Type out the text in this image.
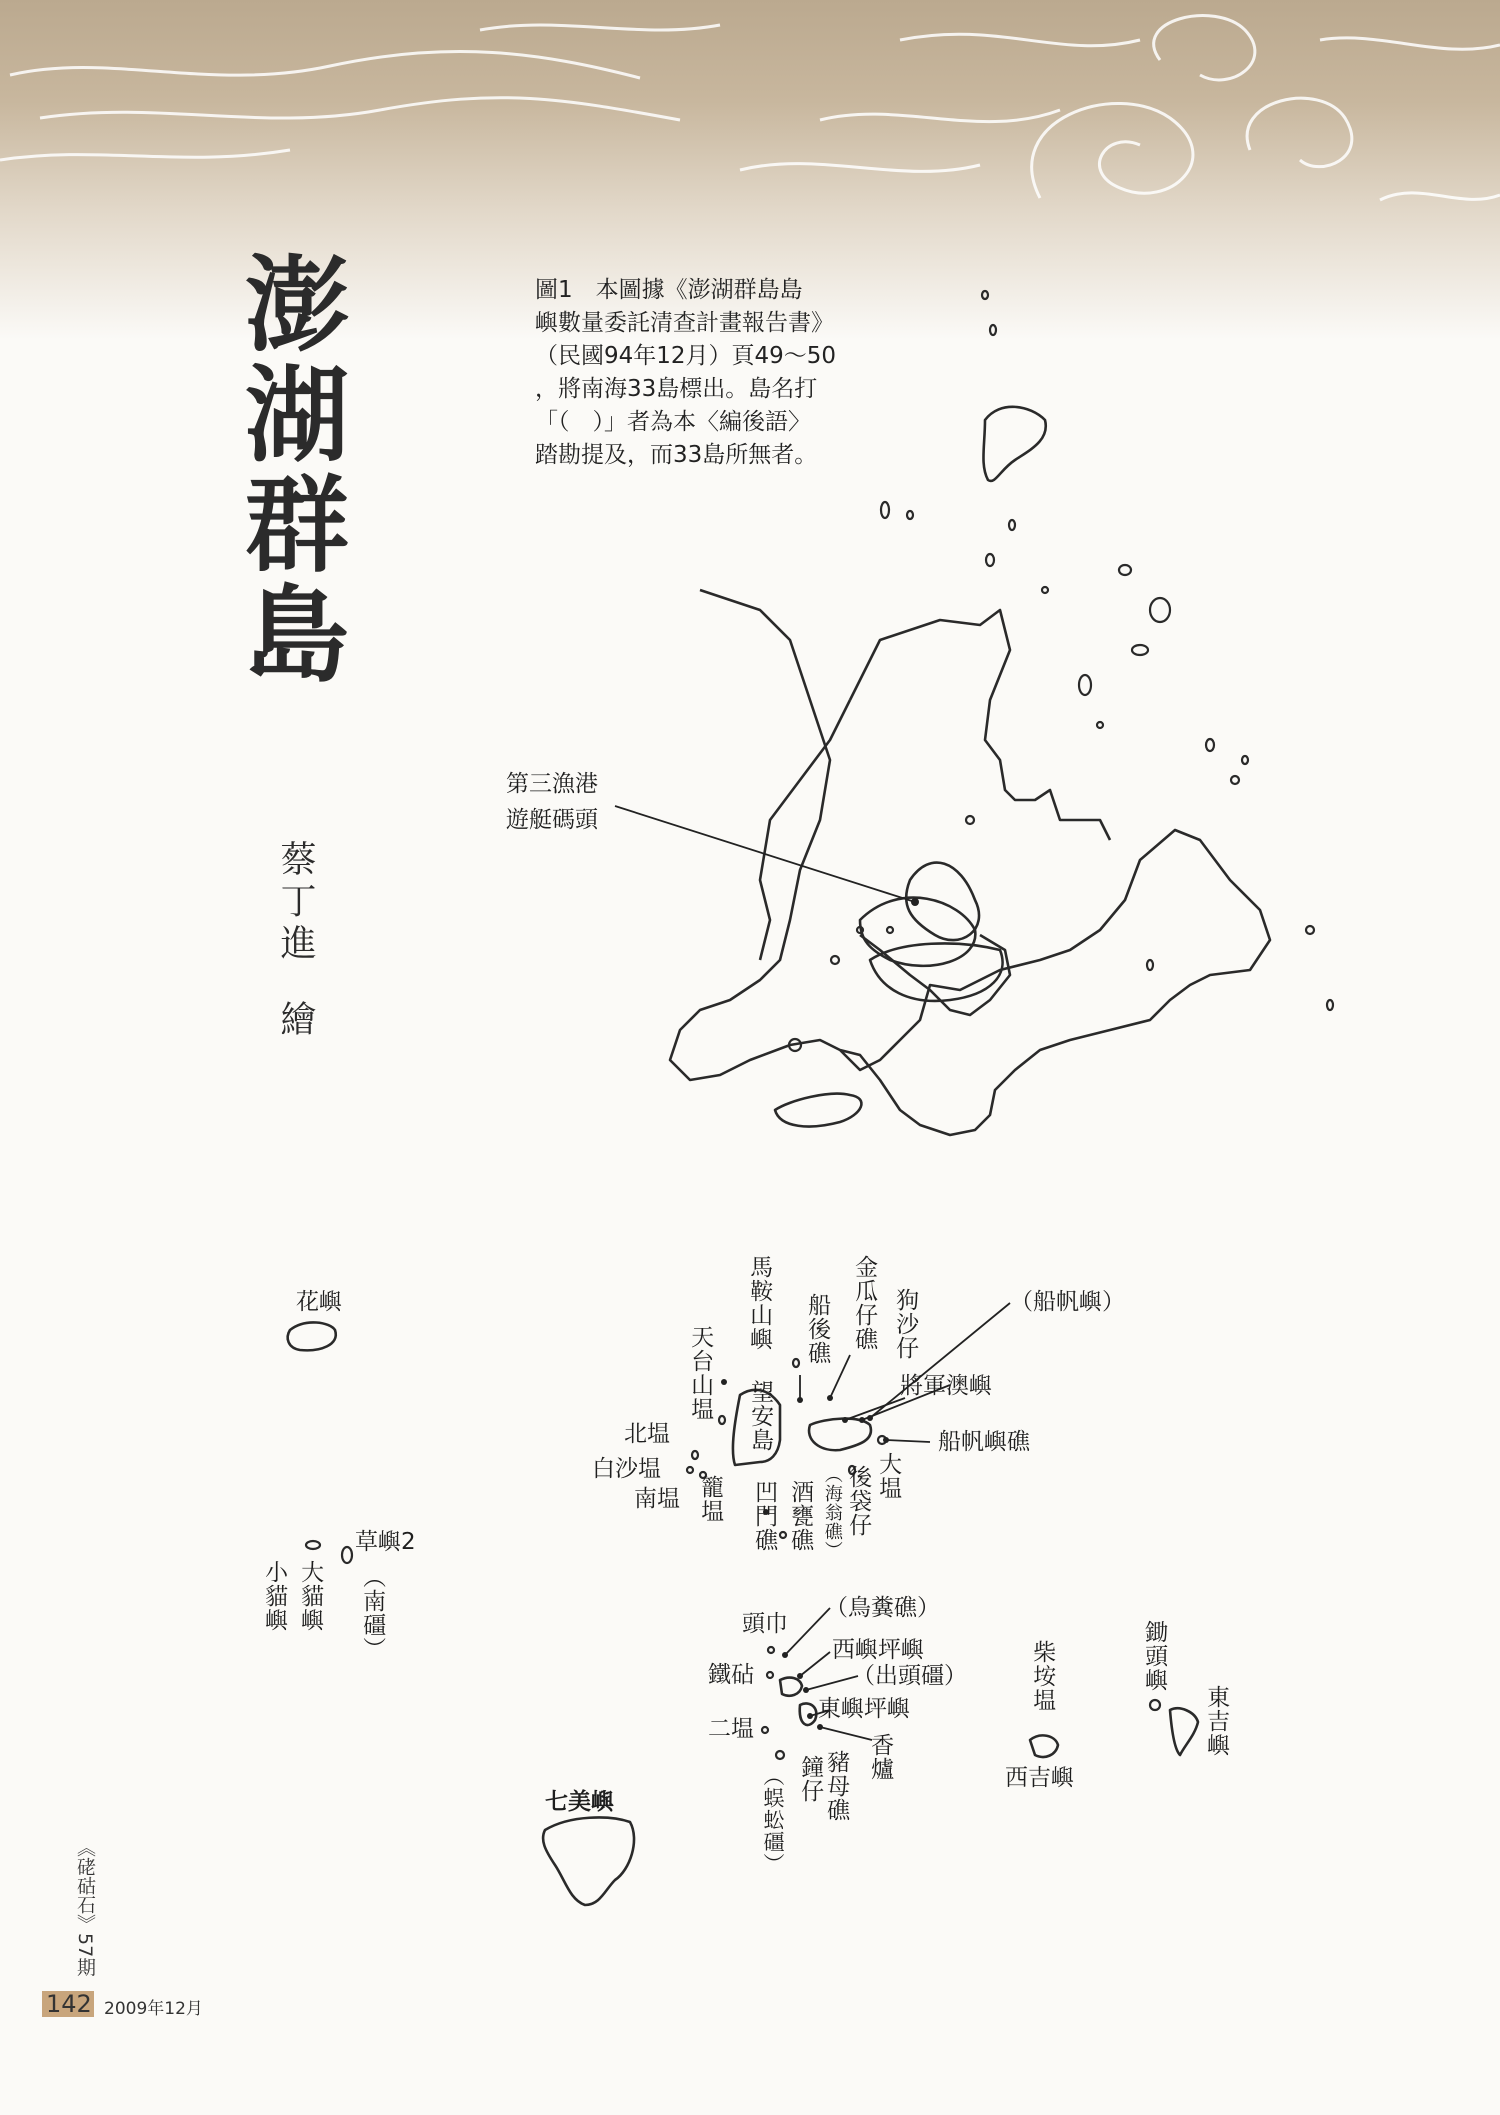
澎湖群島
蔡丁進
繪

圖1　本圖據《澎湖群島島

嶼數量委託清查計畫報告書》

（民國94年12月）頁49～50

，將南海33島標出。島名打

「（　）」者為本〈編後語〉

踏勘提及，而33島所無者。

第三漁港
遊艇碼頭
花嶼
草嶼2
（南礓）
大貓嶼
小貓嶼
馬鞍山嶼
天台山塭 望安島
北塭
白沙塭
南塭 籠塭 凹門礁 酒甕礁 後袋仔
（海翁礁）
船後礁 金瓜仔礁 狗沙仔
將軍澳嶼
（船帆嶼）
船帆嶼礁
大塭
頭巾
鐵砧
（鳥糞礁）
西嶼坪嶼
（出頭礓）
東嶼坪嶼
二塭
香爐
豬母礁
鐘仔
（蜈蚣礓）
七美嶼
柴垵塭
西吉嶼
鋤頭嶼
東吉嶼
《硓𥑮石》57期
142 2009年12月
